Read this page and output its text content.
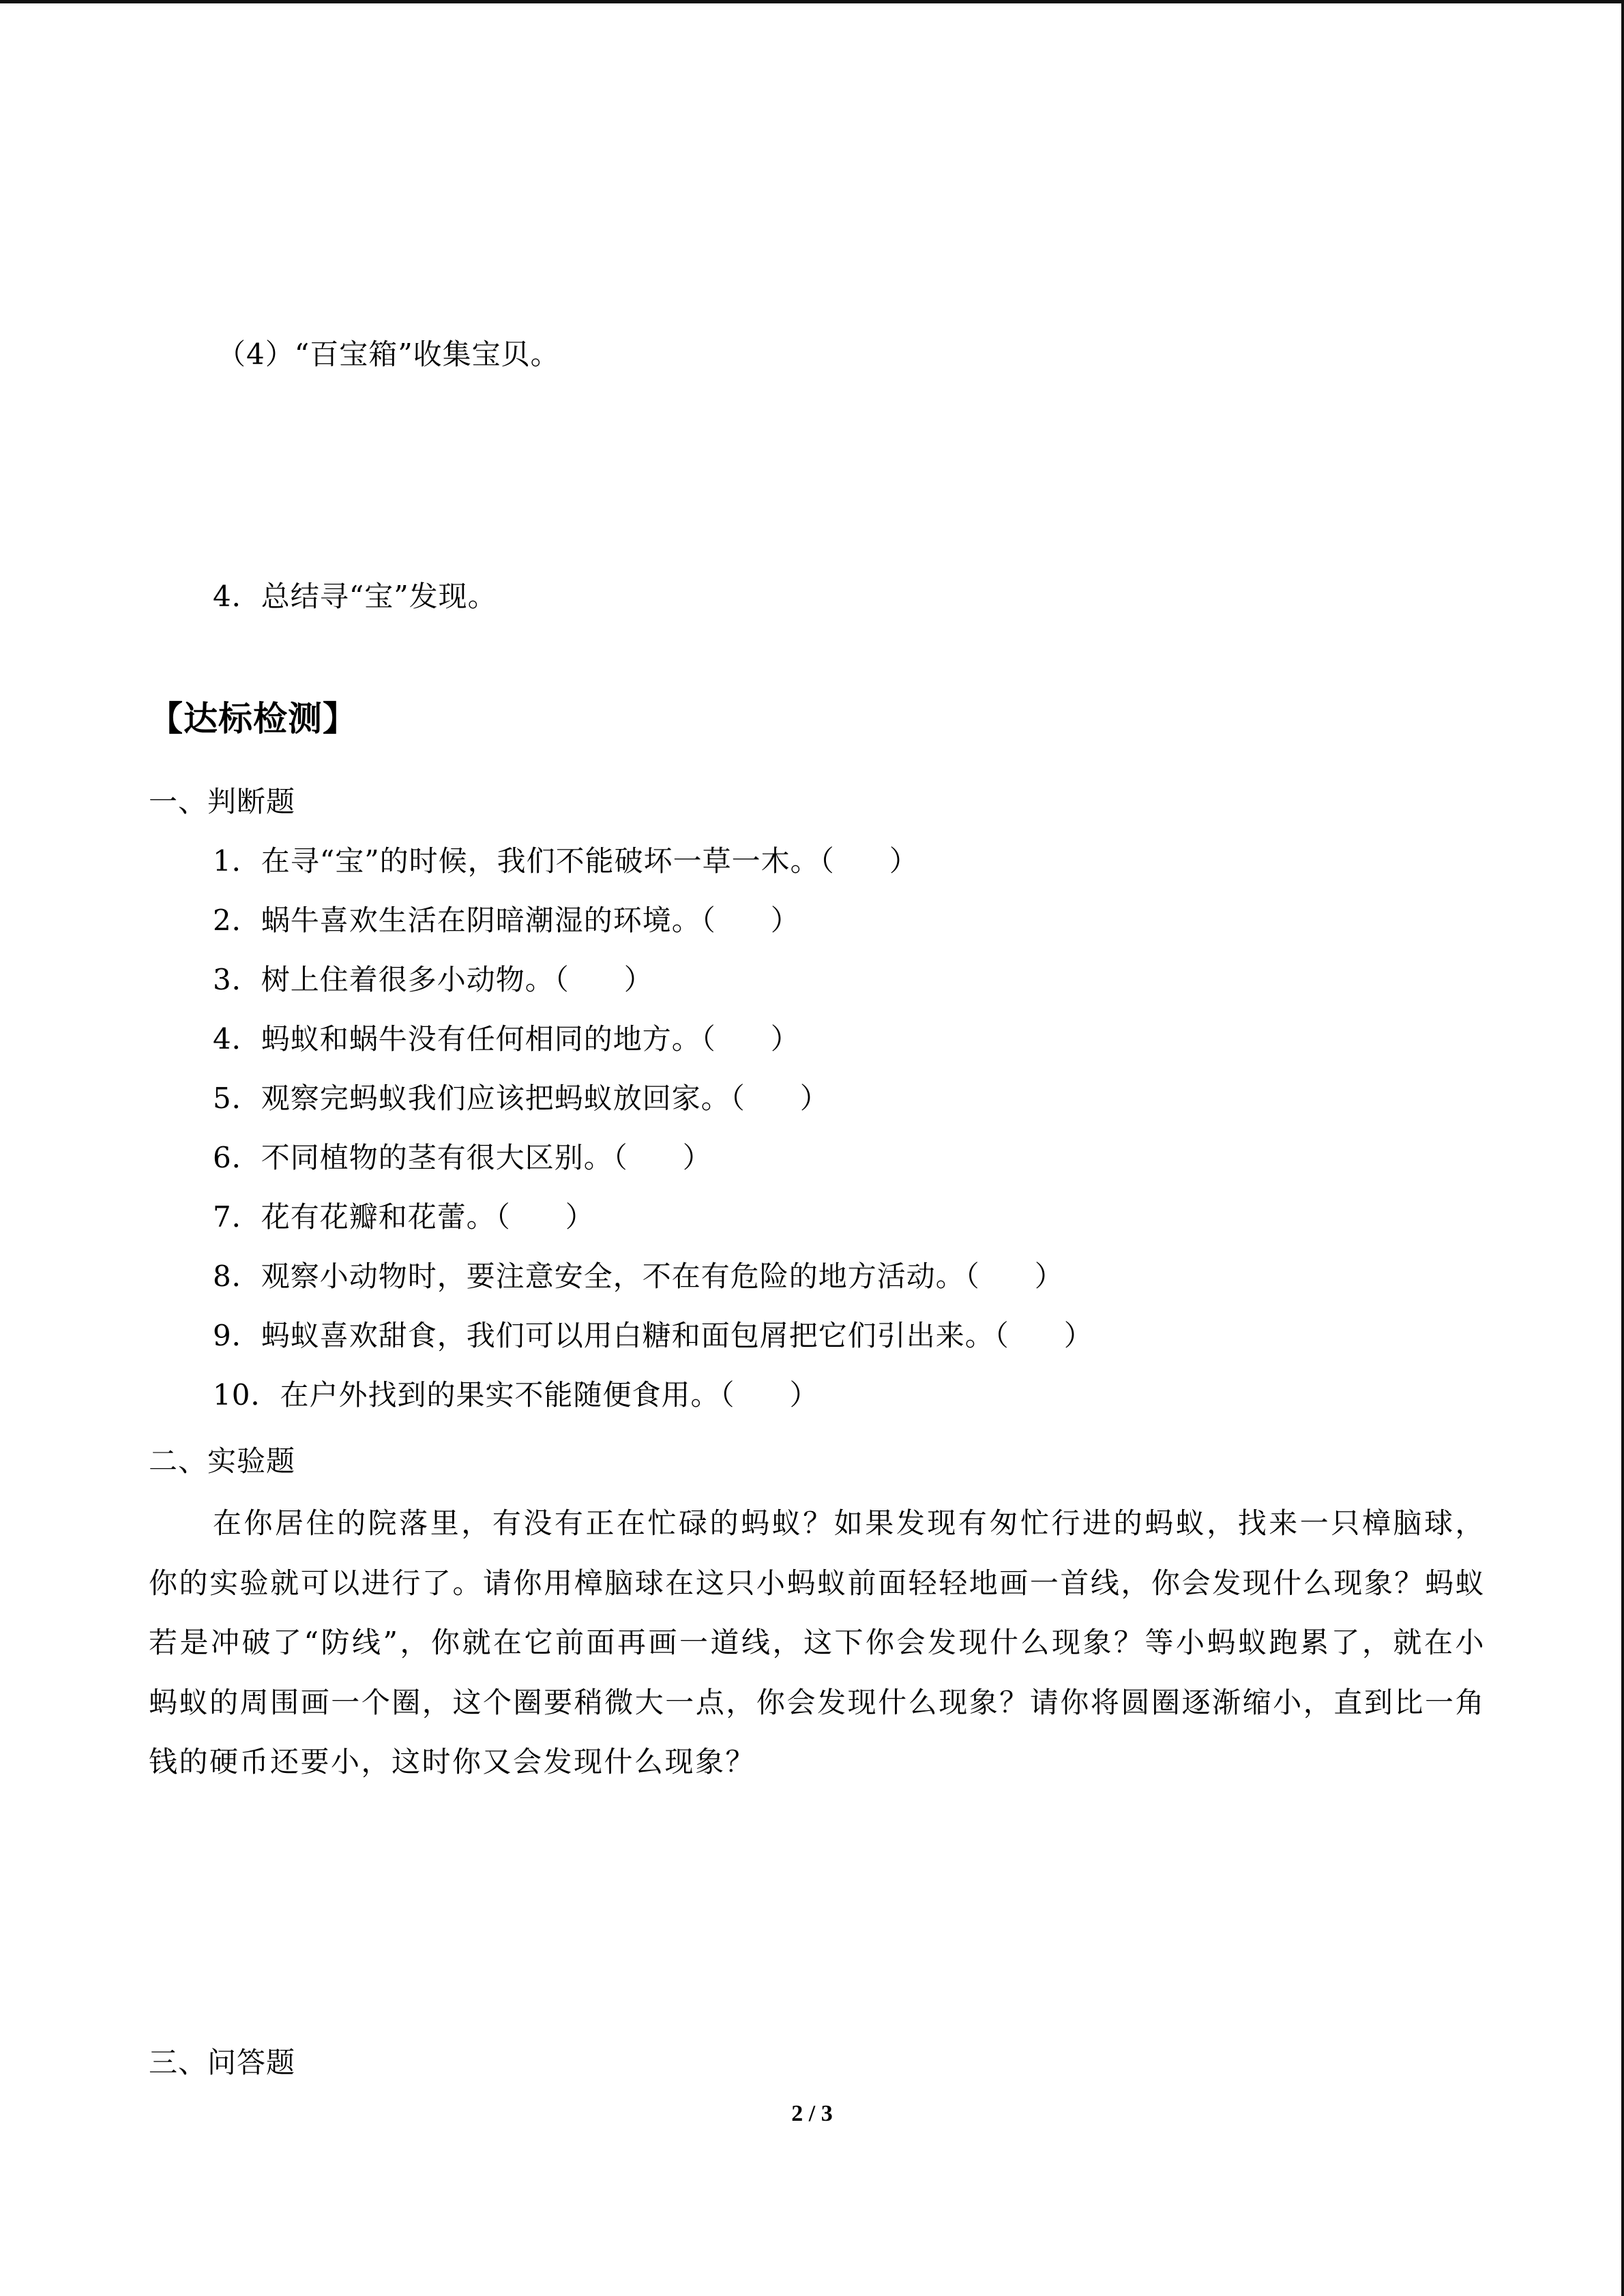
（4）“百宝箱”收集宝贝。
4．总结寻“宝”发现。
【达标检测】
一、判断题
1．在寻“宝”的时候，我们不能破坏一草一木。（ ）
2．蜗牛喜欢生活在阴暗潮湿的环境。（ ）
3．树上住着很多小动物。（ ）
4．蚂蚁和蜗牛没有任何相同的地方。（ ）
5．观察完蚂蚁我们应该把蚂蚁放回家。（ ）
6．不同植物的茎有很大区别。（ ）
7．花有花瓣和花蕾。（ ）
8．观察小动物时，要注意安全，不在有危险的地方活动。（ ）
9．蚂蚁喜欢甜食，我们可以用白糖和面包屑把它们引出来。（ ）
10．在户外找到的果实不能随便食用。（ ）
二、实验题
在你居住的院落里，有没有正在忙碌的蚂蚁？如果发现有匆忙行进的蚂蚁，找来一只樟脑球，你的实验就可以进行了。请你用樟脑球在这只小蚂蚁前面轻轻地画一首线，你会发现什么现象？蚂蚁若是冲破了“防线”，你就在它前面再画一道线，这下你会发现什么现象？等小蚂蚁跑累了，就在小蚂蚁的周围画一个圈，这个圈要稍微大一点，你会发现什么现象？请你将圆圈逐渐缩小，直到比一角钱的硬币还要小，这时你又会发现什么现象？
三、问答题
2 / 3
